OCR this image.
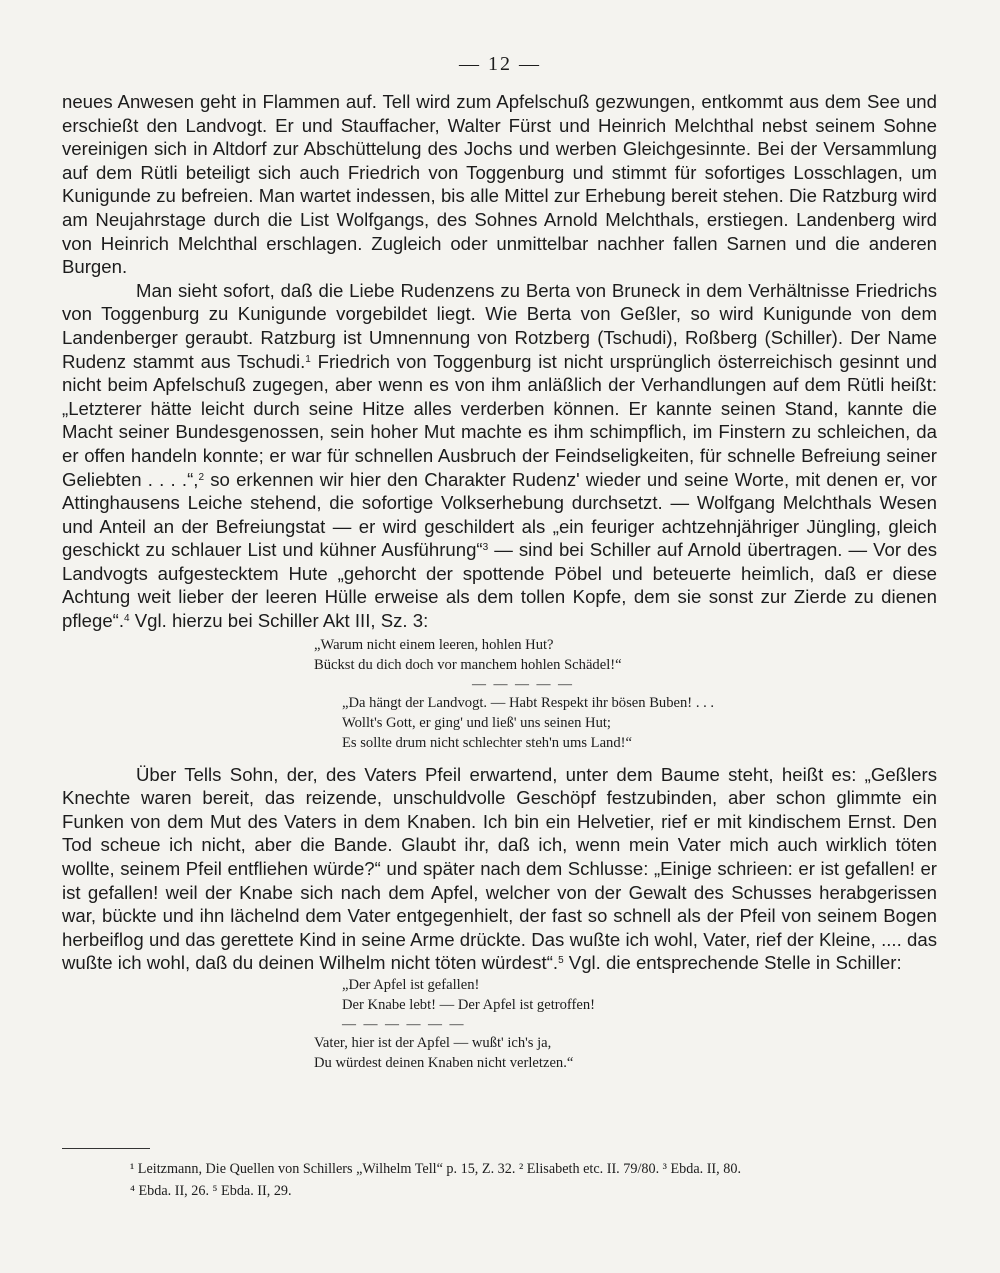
— 12 —

neues Anwesen geht in Flammen auf. Tell wird zum Apfelschuß gezwungen, entkommt aus dem See und erschießt den Landvogt. Er und Stauffacher, Walter Fürst und Heinrich Melchthal nebst seinem Sohne vereinigen sich in Altdorf zur Abschüttelung des Jochs und werben Gleichgesinnte. Bei der Versammlung auf dem Rütli beteiligt sich auch Friedrich von Toggenburg und stimmt für sofortiges Losschlagen, um Kunigunde zu befreien. Man wartet indessen, bis alle Mittel zur Erhebung bereit stehen. Die Ratzburg wird am Neujahrstage durch die List Wolfgangs, des Sohnes Arnold Melchthals, erstiegen. Landenberg wird von Heinrich Melchthal erschlagen. Zugleich oder unmittelbar nachher fallen Sarnen und die anderen Burgen.

Man sieht sofort, daß die Liebe Rudenzens zu Berta von Bruneck in dem Verhältnisse Friedrichs von Toggenburg zu Kunigunde vorgebildet liegt. Wie Berta von Geßler, so wird Kunigunde von dem Landenberger geraubt. Ratzburg ist Umnennung von Rotzberg (Tschudi), Roßberg (Schiller). Der Name Rudenz stammt aus Tschudi.$^1$ Friedrich von Toggenburg ist nicht ursprünglich österreichisch gesinnt und nicht beim Apfelschuß zugegen, aber wenn es von ihm anläßlich der Verhandlungen auf dem Rütli heißt: „Letzterer hätte leicht durch seine Hitze alles verderben können. Er kannte seinen Stand, kannte die Macht seiner Bundesgenossen, sein hoher Mut machte es ihm schimpflich, im Finstern zu schleichen, da er offen handeln konnte; er war für schnellen Ausbruch der Feindseligkeiten, für schnelle Befreiung seiner Geliebten . . . .“,$^2$ so erkennen wir hier den Charakter Rudenz' wieder und seine Worte, mit denen er, vor Attinghausens Leiche stehend, die sofortige Volkserhebung durchsetzt. — Wolfgang Melchthals Wesen und Anteil an der Befreiungstat — er wird geschildert als „ein feuriger achtzehnjähriger Jüngling, gleich geschickt zu schlauer List und kühner Ausführung“$^3$ — sind bei Schiller auf Arnold übertragen. — Vor des Landvogts aufgestecktem Hute „gehorcht der spottende Pöbel und beteuerte heimlich, daß er diese Achtung weit lieber der leeren Hülle erweise als dem tollen Kopfe, dem sie sonst zur Zierde zu dienen pflege“.$^4$ Vgl. hierzu bei Schiller Akt III, Sz. 3:

„Warum nicht einem leeren, hohlen Hut?
Bückst du dich doch vor manchem hohlen Schädel!“
— — — — —
„Da hängt der Landvogt. — Habt Respekt ihr bösen Buben! . . .
Wollt's Gott, er ging' und ließ' uns seinen Hut;
Es sollte drum nicht schlechter steh'n ums Land!“

Über Tells Sohn, der, des Vaters Pfeil erwartend, unter dem Baume steht, heißt es: „Geßlers Knechte waren bereit, das reizende, unschuldvolle Geschöpf festzubinden, aber schon glimmte ein Funken von dem Mut des Vaters in dem Knaben. Ich bin ein Helvetier, rief er mit kindischem Ernst. Den Tod scheue ich nicht, aber die Bande. Glaubt ihr, daß ich, wenn mein Vater mich auch wirklich töten wollte, seinem Pfeil entfliehen würde?“ und später nach dem Schlusse: „Einige schrieen: er ist gefallen! er ist gefallen! weil der Knabe sich nach dem Apfel, welcher von der Gewalt des Schusses herabgerissen war, bückte und ihn lächelnd dem Vater entgegenhielt, der fast so schnell als der Pfeil von seinem Bogen herbeiflog und das gerettete Kind in seine Arme drückte. Das wußte ich wohl, Vater, rief der Kleine, .... das wußte ich wohl, daß du deinen Wilhelm nicht töten würdest“.$^5$ Vgl. die entsprechende Stelle in Schiller:

„Der Apfel ist gefallen!
Der Knabe lebt! — Der Apfel ist getroffen!
— — — — — —
Vater, hier ist der Apfel — wußt' ich's ja,
Du würdest deinen Knaben nicht verletzen.“
¹ Leitzmann, Die Quellen von Schillers „Wilhelm Tell“ p. 15, Z. 32. ² Elisabeth etc. II. 79/80. ³ Ebda. II, 80.
⁴ Ebda. II, 26. ⁵ Ebda. II, 29.
